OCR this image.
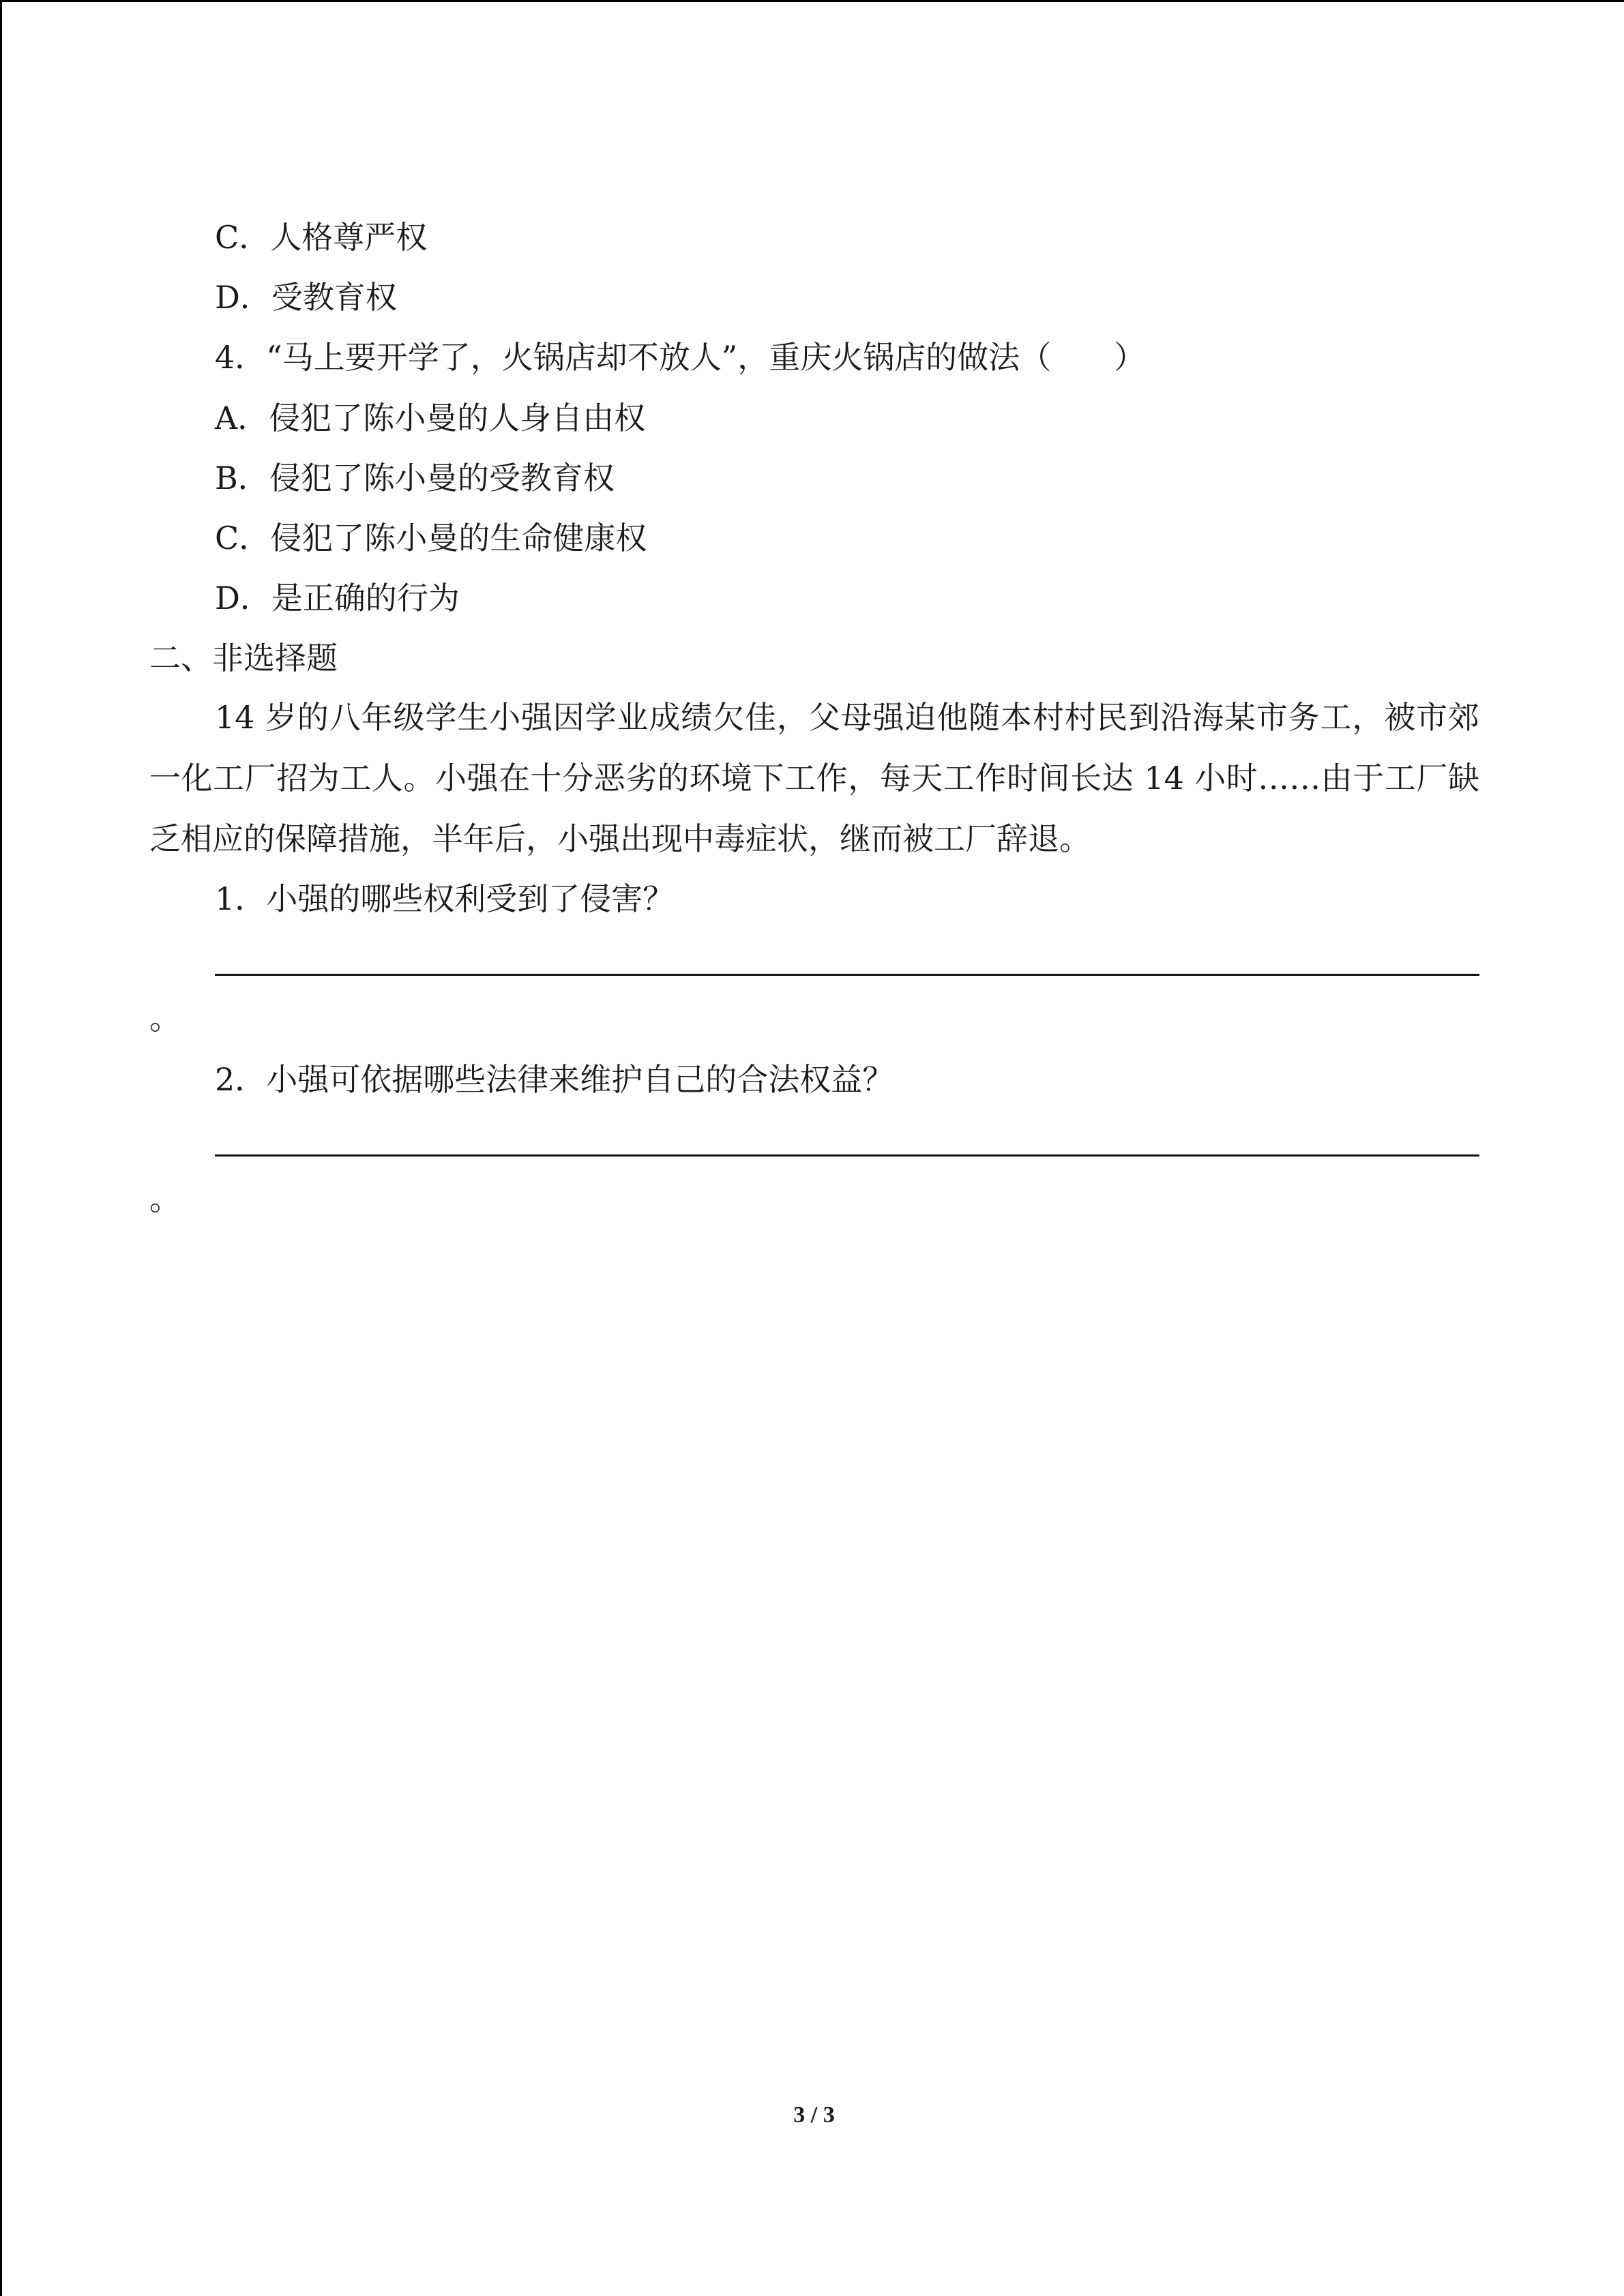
C．人格尊严权
D．受教育权
4．“马上要开学了，火锅店却不放人”，重庆火锅店的做法（　　）
A．侵犯了陈小曼的人身自由权
B．侵犯了陈小曼的受教育权
C．侵犯了陈小曼的生命健康权
D．是正确的行为
二、非选择题

14 岁的八年级学生小强因学业成绩欠佳，父母强迫他随本村村民到沿海某市务工，被市郊一化工厂招为工人。小强在十分恶劣的环境下工作，每天工作时间长达 14 小时……由于工厂缺乏相应的保障措施，半年后，小强出现中毒症状，继而被工厂辞退。

1．小强的哪些权利受到了侵害？
。
2．小强可依据哪些法律来维护自己的合法权益？
。
3 / 3
